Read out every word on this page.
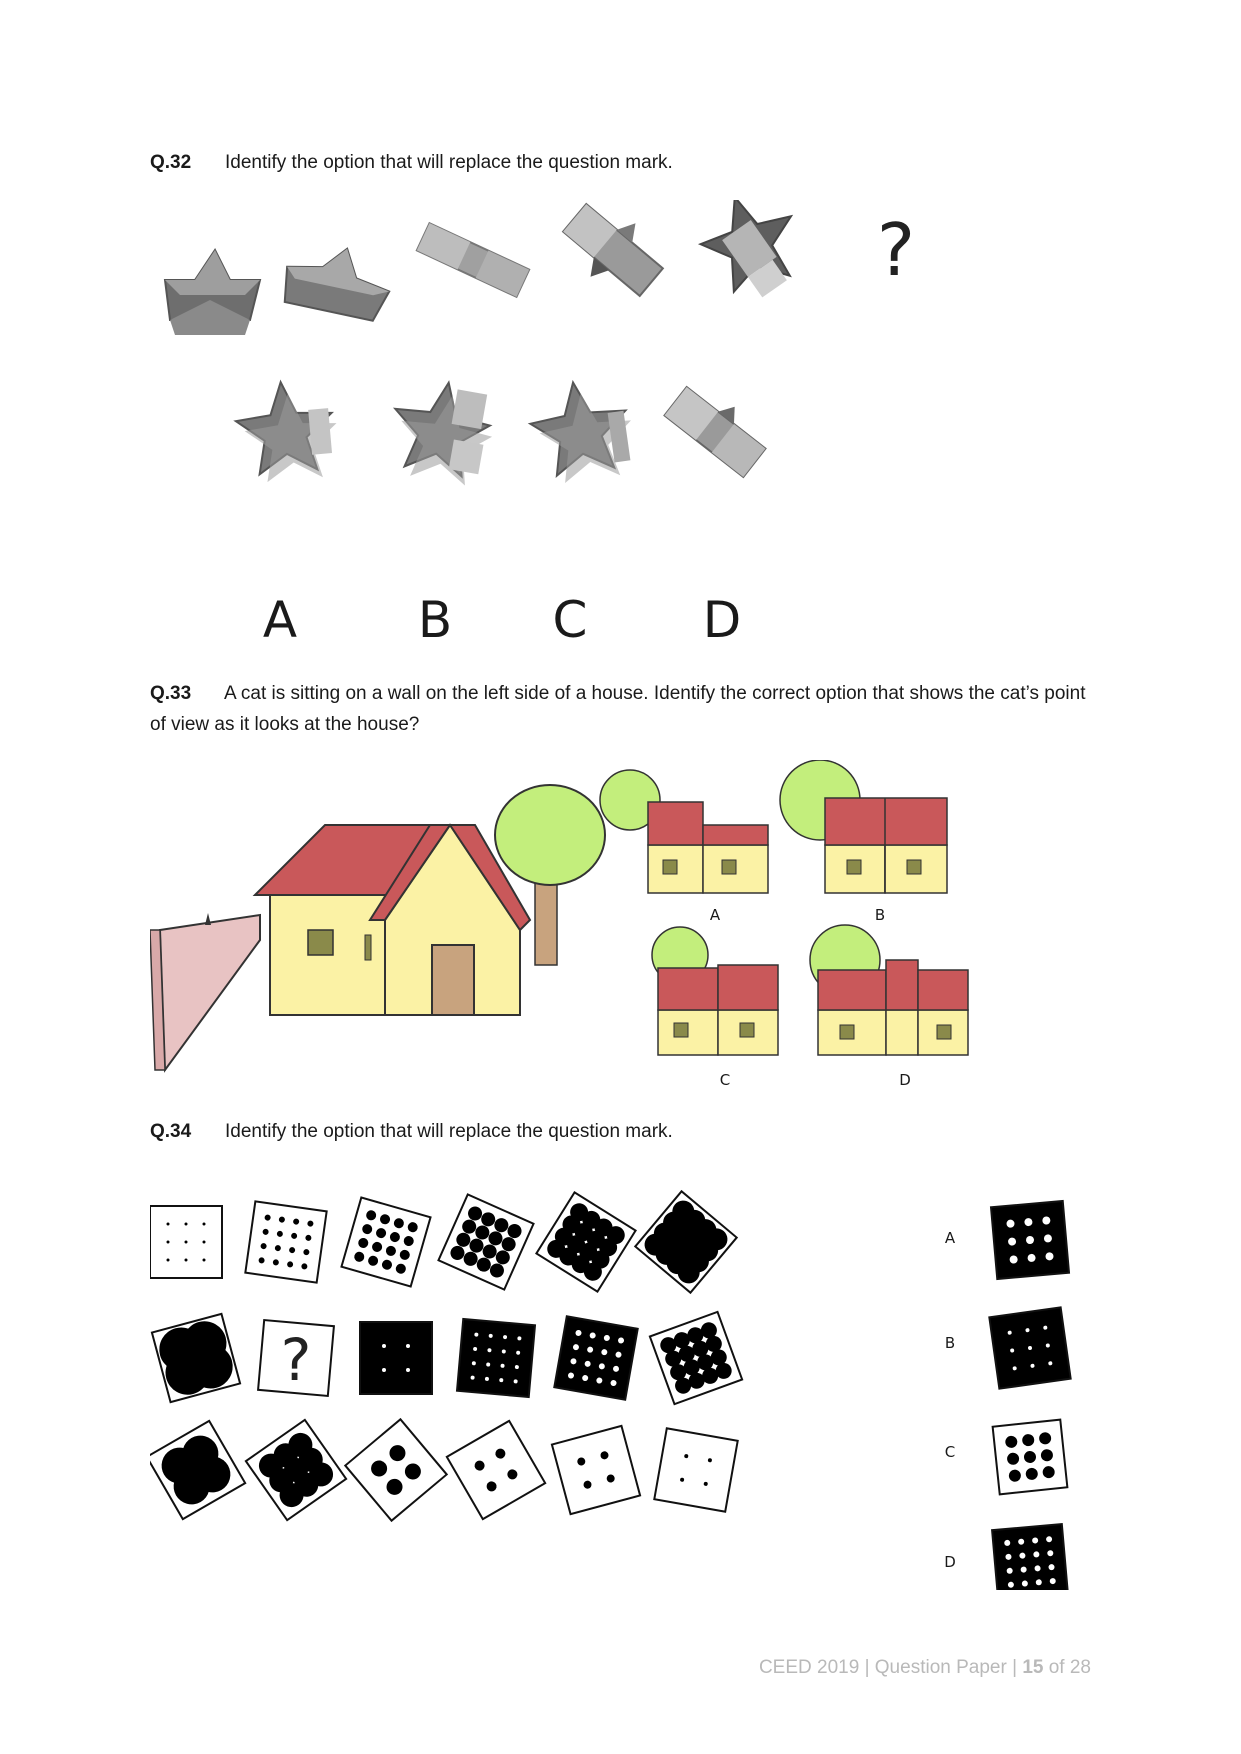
Q.32 Identify the option that will replace the question mark.
?
A B C D
Q.33 A cat is sitting on a wall on the left side of a house. Identify the correct option that shows the cat’s point of view as it looks at the house?
A	B
C	D
Q.34 Identify the option that will replace the question mark.
?
A
B
C
D
CEED 2019 | Question Paper | 15 of 28
